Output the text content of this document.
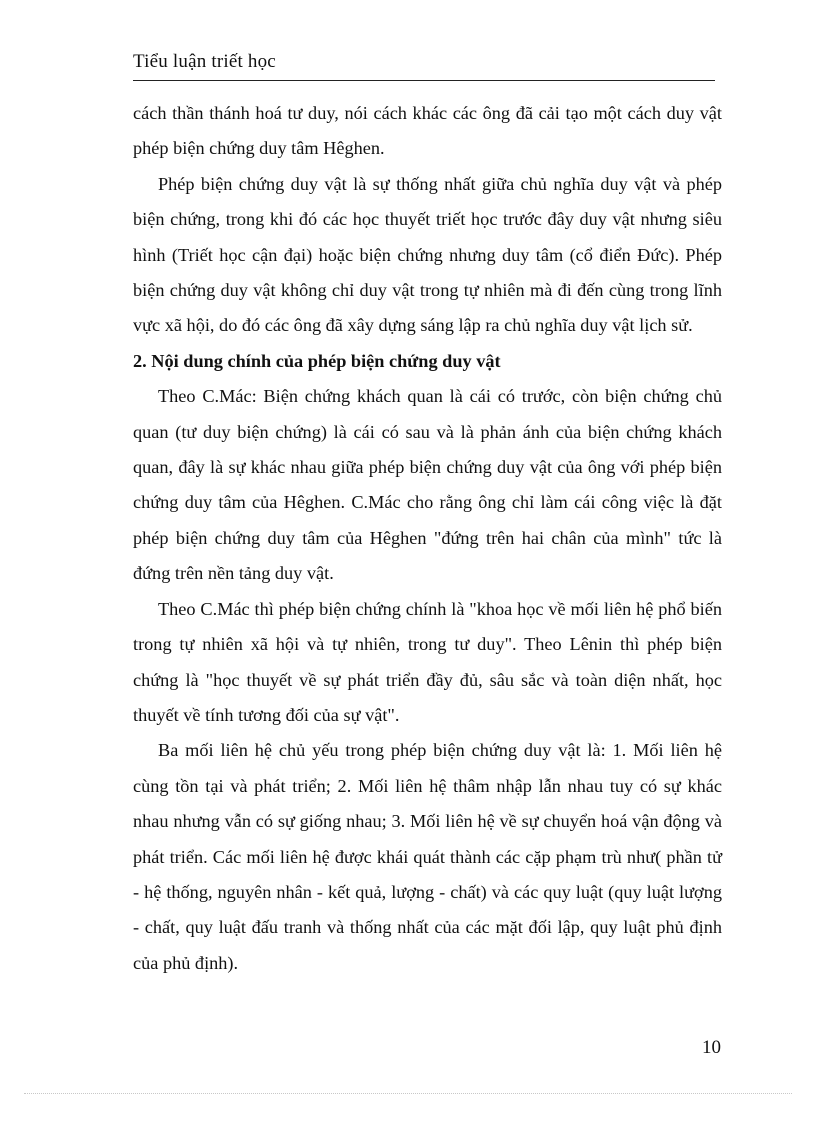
Tiểu luận triết học

cách thần thánh hoá tư duy, nói cách khác các ông đã cải tạo một cách duy vật phép biện chứng duy tâm Hêghen.

Phép biện chứng duy vật là sự thống nhất giữa chủ nghĩa duy vật và phép biện chứng, trong khi đó các học thuyết triết học trước đây duy vật nhưng siêu hình (Triết học cận đại) hoặc biện chứng nhưng duy tâm (cổ điển Đức). Phép biện chứng duy vật không chỉ duy vật trong tự nhiên mà đi đến cùng trong lĩnh vực xã hội, do đó các ông đã xây dựng sáng lập ra chủ nghĩa duy vật lịch sử.

2. Nội dung chính của phép biện chứng duy vật

Theo C.Mác: Biện chứng khách quan là cái có trước, còn biện chứng chủ quan (tư duy biện chứng) là cái có sau và là phản ánh của biện chứng khách quan, đây là sự khác nhau giữa phép biện chứng duy vật của ông với phép biện chứng duy tâm của Hêghen. C.Mác cho rằng ông chỉ làm cái công việc là đặt phép biện chứng duy tâm của Hêghen "đứng trên hai chân của mình" tức là đứng trên nền tảng duy vật.

Theo C.Mác thì phép biện chứng chính là "khoa học về mối liên hệ phổ biến trong tự nhiên xã hội và tự nhiên, trong tư duy". Theo Lênin thì phép biện chứng là "học thuyết về sự phát triển đầy đủ, sâu sắc và toàn diện nhất, học thuyết về tính tương đối của sự vật".

Ba mối liên hệ chủ yếu trong phép biện chứng duy vật là: 1. Mối liên hệ cùng tồn tại và phát triển; 2. Mối liên hệ thâm nhập lẫn nhau tuy có sự khác nhau nhưng vẫn có sự giống nhau; 3. Mối liên hệ về sự chuyển hoá vận động và phát triển. Các mối liên hệ được khái quát thành các cặp phạm trù như( phần tử - hệ thống, nguyên nhân - kết quả, lượng - chất) và các quy luật (quy luật lượng - chất, quy luật đấu tranh và thống nhất của các mặt đối lập, quy luật phủ định của phủ định).

10
